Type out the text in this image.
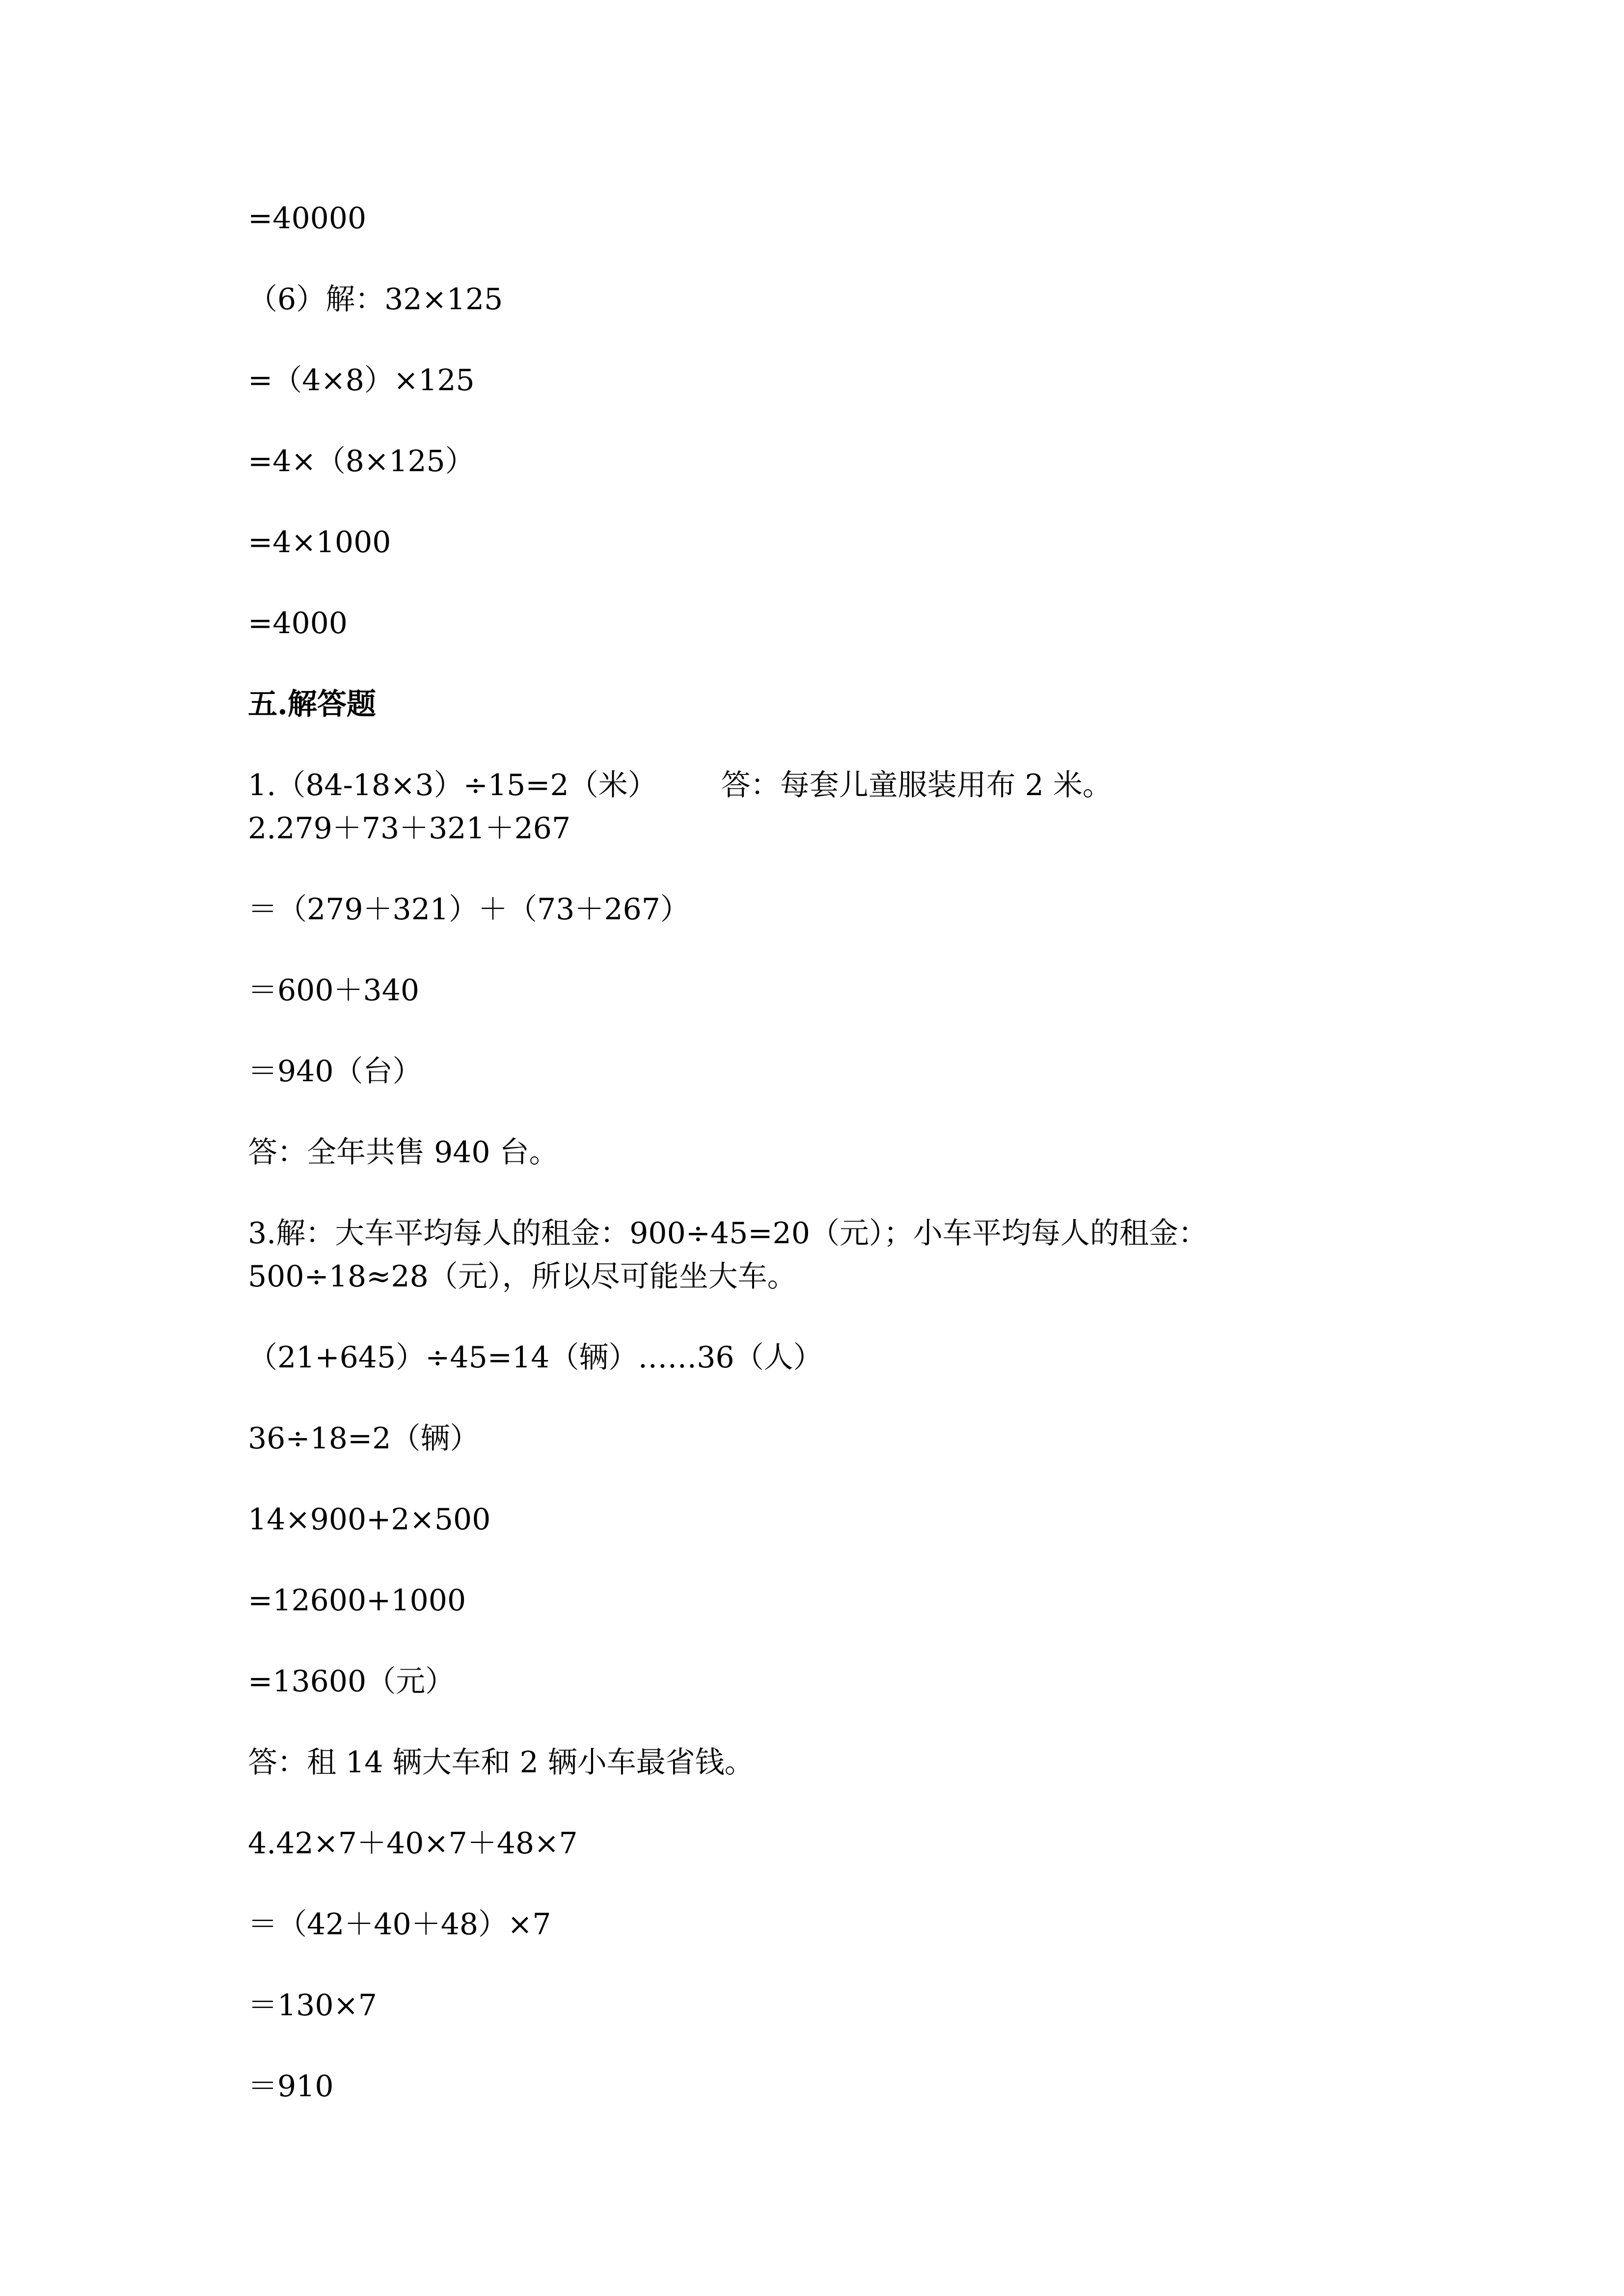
=40000
（6）解：32×125
=（4×8）×125
=4×（8×125）
=4×1000
=4000
五.解答题
1.（84-18×3）÷15=2（米） 答：每套儿童服装用布 2 米。
2.279＋73＋321＋267
＝（279＋321）＋（73＋267）
＝600＋340
＝940（台）
答：全年共售 940 台。
3.解：大车平均每人的租金：900÷45=20（元）；小车平均每人的租金：
500÷18≈28（元），所以尽可能坐大车。
（21+645）÷45=14（辆）……36（人）
36÷18=2（辆）
14×900+2×500
=12600+1000
=13600（元）
答：租 14 辆大车和 2 辆小车最省钱。
4.42×7＋40×7＋48×7
＝（42＋40＋48）×7
＝130×7
＝910
